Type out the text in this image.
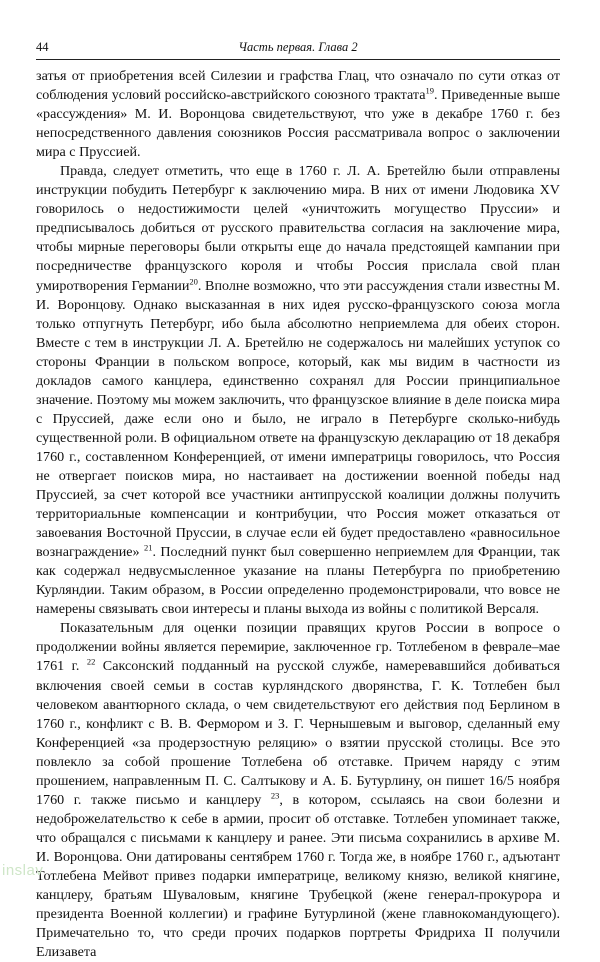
44	Часть первая. Глава 2

затья от приобретения всей Силезии и графства Глац, что означало по сути отказ от соблюдения условий российско-австрийского союзного трактата$^{19}$. Приведенные выше «рассуждения» М. И. Воронцова свидетельствуют, что уже в декабре 1760 г. без непосредственного давления союзников Россия рассматривала вопрос о заключении мира с Пруссией.

Правда, следует отметить, что еще в 1760 г. Л. А. Бретейлю были отправлены инструкции побудить Петербург к заключению мира. В них от имени Людовика XV говорилось о недостижимости целей «уничтожить могущество Пруссии» и предписывалось добиться от русского правительства согласия на заключение мира, чтобы мирные переговоры были открыты еще до начала предстоящей кампании при посредничестве французского короля и чтобы Россия прислала свой план умиротворения Германии$^{20}$. Вполне возможно, что эти рассуждения стали известны М. И. Воронцову. Однако высказанная в них идея русско-французского союза могла только отпугнуть Петербург, ибо была абсолютно неприемлема для обеих сторон. Вместе с тем в инструкции Л. А. Бретейлю не содержалось ни малейших уступок со стороны Франции в польском вопросе, который, как мы видим в частности из докладов самого канцлера, единственно сохранял для России принципиальное значение. Поэтому мы можем заключить, что французское влияние в деле поиска мира с Пруссией, даже если оно и было, не играло в Петербурге сколько-нибудь существенной роли. В официальном ответе на французскую декларацию от 18 декабря 1760 г., составленном Конференцией, от имени императрицы говорилось, что Россия не отвергает поисков мира, но настаивает на достижении военной победы над Пруссией, за счет которой все участники антипрусской коалиции должны получить территориальные компенсации и контрибуции, что Россия может отказаться от завоевания Восточной Пруссии, в случае если ей будет предоставлено «равносильное вознаграждение» $^{21}$. Последний пункт был совершенно неприемлем для Франции, так как содержал недвусмысленное указание на планы Петербурга по приобретению Курляндии. Таким образом, в России определенно продемонстрировали, что вовсе не намерены связывать свои интересы и планы выхода из войны с политикой Версаля.

Показательным для оценки позиции правящих кругов России в вопросе о продолжении войны является перемирие, заключенное гр. Тотлебеном в феврале–мае 1761 г. $^{22}$ Саксонский подданный на русской службе, намеревавшийся добиваться включения своей семьи в состав курляндского дворянства, Г. К. Тотлебен был человеком авантюрного склада, о чем свидетельствуют его действия под Берлином в 1760 г., конфликт с В. В. Фермором и З. Г. Чернышевым и выговор, сделанный ему Конференцией «за продерзостную реляцию» о взятии прусской столицы. Все это повлекло за собой прошение Тотлебена об отставке. Причем наряду с этим прошением, направленным П. С. Салтыкову и А. Б. Бутурлину, он пишет 16/5 ноября 1760 г. также письмо и канцлеру $^{23}$, в котором, ссылаясь на свои болезни и недоброжелательство к себе в армии, просит об отставке. Тотлебен упоминает также, что обращался с письмами к канцлеру и ранее. Эти письма сохранились в архиве М. И. Воронцова. Они датированы сентябрем 1760 г. Тогда же, в ноябре 1760 г., адъютант Тотлебена Мейвот привез подарки императрице, великому князю, великой княгине, канцлеру, братьям Шуваловым, княгине Трубецкой (жене генерал-прокурора и президента Военной коллегии) и графине Бутурлиной (жене главнокомандующего). Примечательно то, что среди прочих подарков портреты Фридриха II получили Елизавета

inslav
